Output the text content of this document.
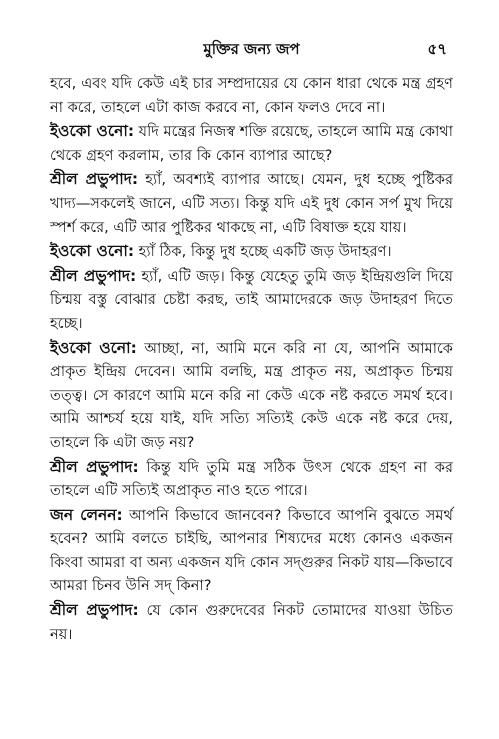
মুক্তির জন্য জপ	৫৭

হবে, এবং যদি কেউ এই চার সম্প্রদায়ের যে কোন ধারা থেকে মন্ত্র গ্রহণ না করে, তাহলে এটা কাজ করবে না, কোন ফলও দেবে না।

ইওকো ওনো: যদি মন্ত্রের নিজস্ব শক্তি রয়েছে, তাহলে আমি মন্ত্র কোথা থেকে গ্রহণ করলাম, তার কি কোন ব্যাপার আছে?

শ্রীল প্রভুপাদ: হ্যাঁ, অবশ্যই ব্যাপার আছে। যেমন, দুধ হচ্ছে পুষ্টিকর খাদ্য—সকলেই জানে, এটি সত্য। কিন্তু যদি এই দুধ কোন সর্প মুখ দিয়ে স্পর্শ করে, এটি আর পুষ্টিকর থাকছে না, এটি বিষাক্ত হয়ে যায়।

ইওকো ওনো: হ্যাঁ ঠিক, কিন্তু দুধ হচ্ছে একটি জড় উদাহরণ।

শ্রীল প্রভুপাদ: হ্যাঁ, এটি জড়। কিন্তু যেহেতু তুমি জড় ইন্দ্রিয়গুলি দিয়ে চিন্ময় বস্তু বোঝার চেষ্টা করছ, তাই আমাদেরকে জড় উদাহরণ দিতে হচ্ছে।

ইওকো ওনো: আচ্ছা, না, আমি মনে করি না যে, আপনি আমাকে প্রাকৃত ইন্দ্রিয় দেবেন। আমি বলছি, মন্ত্র প্রাকৃত নয়, অপ্রাকৃত চিন্ময় তত্ত্ব। সে কারণে আমি মনে করি না কেউ একে নষ্ট করতে সমর্থ হবে। আমি আশ্চর্য হয়ে যাই, যদি সত্যি সত্যিই কেউ একে নষ্ট করে দেয়, তাহলে কি এটা জড় নয়?

শ্রীল প্রভুপাদ: কিন্তু যদি তুমি মন্ত্র সঠিক উৎস থেকে গ্রহণ না কর তাহলে এটি সত্যিই অপ্রাকৃত নাও হতে পারে।

জন লেনন: আপনি কিভাবে জানবেন? কিভাবে আপনি বুঝতে সমর্থ হবেন? আমি বলতে চাইছি, আপনার শিষ্যদের মধ্যে কোনও একজন কিংবা আমরা বা অন্য একজন যদি কোন সদ্গুরুর নিকট যায়—কিভাবে আমরা চিনব উনি সদ্ কিনা?

শ্রীল প্রভুপাদ: যে কোন গুরুদেবের নিকট তোমাদের যাওয়া উচিত নয়।
